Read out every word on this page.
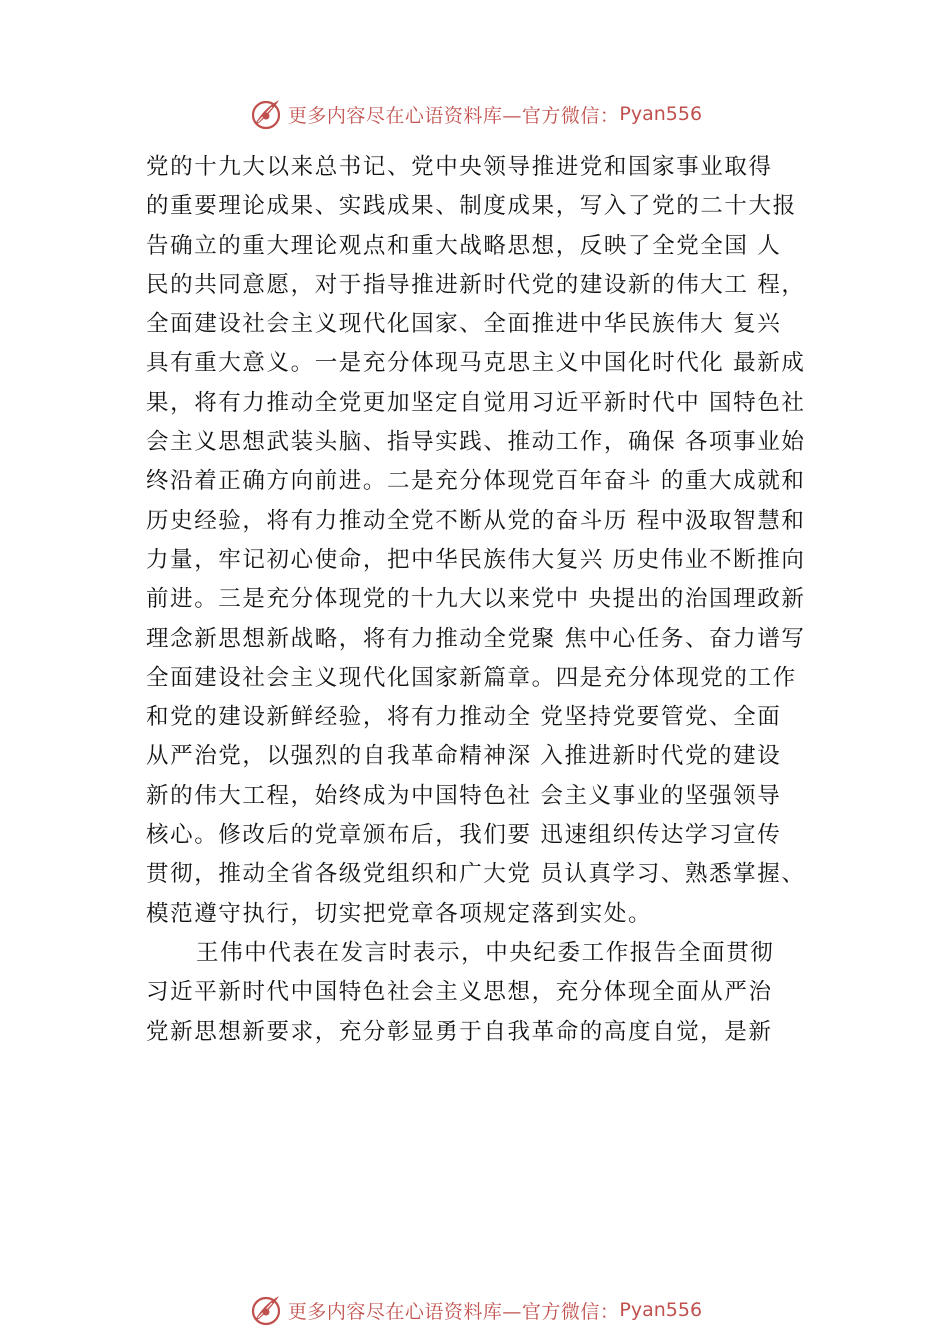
更多内容尽在心语资料库—官方微信： Pyan556
党的十九大以来总书记、党中央领导推进党和国家事业取得
的重要理论成果、实践成果、制度成果，写入了党的二十大报
告确立的重大理论观点和重大战略思想，反映了全党全国 人
民的共同意愿，对于指导推进新时代党的建设新的伟大工 程，
全面建设社会主义现代化国家、全面推进中华民族伟大 复兴
具有重大意义。一是充分体现马克思主义中国化时代化 最新成
果，将有力推动全党更加坚定自觉用习近平新时代中 国特色社
会主义思想武装头脑、指导实践、推动工作，确保 各项事业始
终沿着正确方向前进。二是充分体现党百年奋斗 的重大成就和
历史经验，将有力推动全党不断从党的奋斗历 程中汲取智慧和
力量，牢记初心使命，把中华民族伟大复兴 历史伟业不断推向
前进。三是充分体现党的十九大以来党中 央提出的治国理政新
理念新思想新战略，将有力推动全党聚 焦中心任务、奋力谱写
全面建设社会主义现代化国家新篇章。四是充分体现党的工作
和党的建设新鲜经验，将有力推动全 党坚持党要管党、全面
从严治党，以强烈的自我革命精神深 入推进新时代党的建设
新的伟大工程，始终成为中国特色社 会主义事业的坚强领导
核心。修改后的党章颁布后，我们要 迅速组织传达学习宣传
贯彻，推动全省各级党组织和广大党 员认真学习、熟悉掌握、
模范遵守执行，切实把党章各项规定落到实处。
王伟中代表在发言时表示，中央纪委工作报告全面贯彻
习近平新时代中国特色社会主义思想，充分体现全面从严治
党新思想新要求，充分彰显勇于自我革命的高度自觉，是新
更多内容尽在心语资料库—官方微信： Pyan556
